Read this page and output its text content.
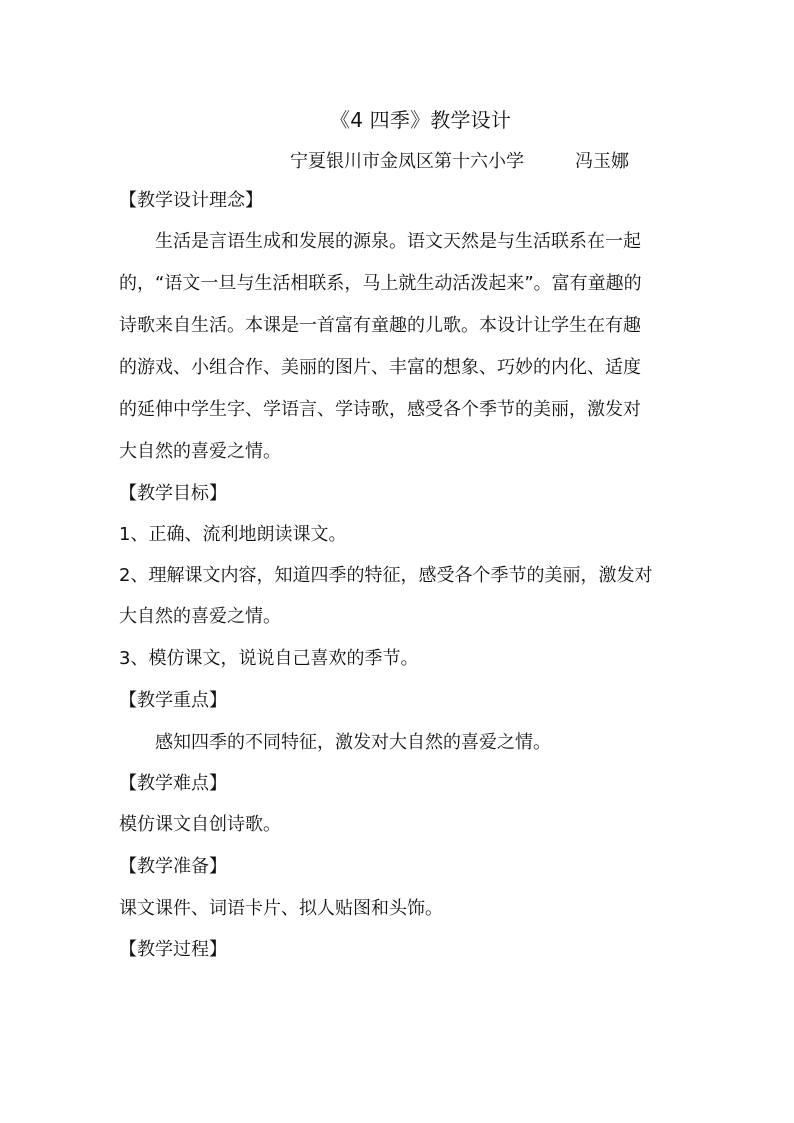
《4 四季》教学设计
宁夏银川市金凤区第十六小学	冯玉娜
【教学设计理念】
生活是言语生成和发展的源泉。语文天然是与生活联系在一起
的，“语文一旦与生活相联系，马上就生动活泼起来”。富有童趣的
诗歌来自生活。本课是一首富有童趣的儿歌。本设计让学生在有趣
的游戏、小组合作、美丽的图片、丰富的想象、巧妙的内化、适度
的延伸中学生字、学语言、学诗歌，感受各个季节的美丽，激发对
大自然的喜爱之情。
【教学目标】
1、正确、流利地朗读课文。
2、理解课文内容，知道四季的特征，感受各个季节的美丽，激发对
大自然的喜爱之情。
3、模仿课文，说说自己喜欢的季节。
【教学重点】
感知四季的不同特征，激发对大自然的喜爱之情。
【教学难点】
模仿课文自创诗歌。
【教学准备】
课文课件、词语卡片、拟人贴图和头饰。
【教学过程】
